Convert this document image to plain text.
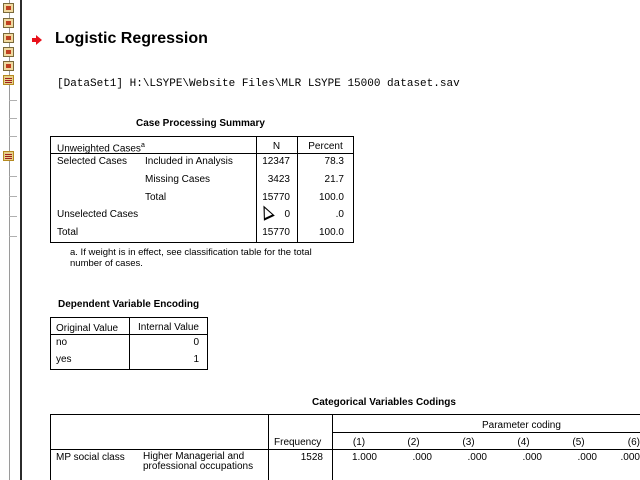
Logistic Regression
[DataSet1] H:\LSYPE\Website Files\MLR LSYPE 15000 dataset.sav
Case Processing Summary
Unweighted Cases$^a$	N	Percent
Selected Cases Included in Analysis	12347	78.3
Missing Cases	3423	21.7
Total	15770	100.0
Unselected Cases	0	.0
Total	15770	100.0
a. If weight is in effect, see classification table for the total
number of cases.
Dependent Variable Encoding
Original Value	Internal Value
no	0
yes	1
Categorical Variables Codings
Parameter coding
Frequency	(1)	(2)	(3)	(4)	(5)	(6)
MP social class Higher Managerial and
professional occupations
1528	1.000	.000	.000	.000	.000	.000
